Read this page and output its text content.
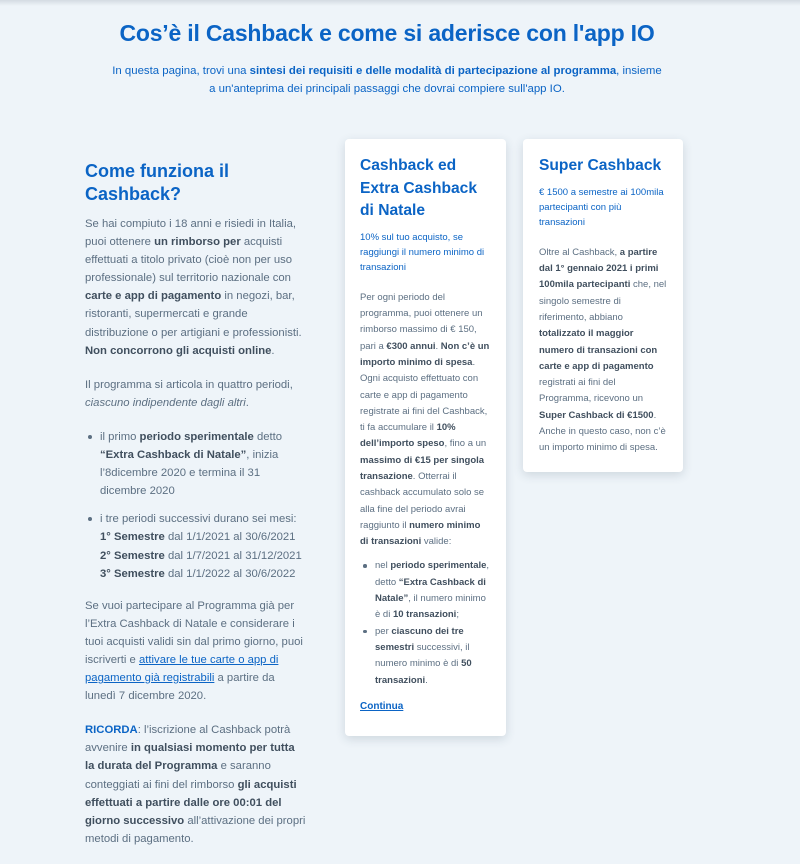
Cos’è il Cashback e come si aderisce con l'app IO

In questa pagina, trovi una sintesi dei requisiti e delle modalità di partecipazione al programma, insieme a un'anteprima dei principali passaggi che dovrai compiere sull'app IO.

Come funziona il Cashback?

Se hai compiuto i 18 anni e risiedi in Italia, puoi ottenere un rimborso per acquisti effettuati a titolo privato (cioè non per uso professionale) sul territorio nazionale con carte e app di pagamento in negozi, bar, ristoranti, supermercati e grande distribuzione o per artigiani e professionisti. Non concorrono gli acquisti online.

Il programma si articola in quattro periodi, ciascuno indipendente dagli altri.

il primo periodo sperimentale detto “Extra Cashback di Natale”, inizia l’8dicembre 2020 e termina il 31 dicembre 2020
i tre periodi successivi durano sei mesi:
1° Semestre dal 1/1/2021 al 30/6/2021
2° Semestre dal 1/7/2021 al 31/12/2021
3° Semestre dal 1/1/2022 al 30/6/2022

Se vuoi partecipare al Programma già per l’Extra Cashback di Natale e considerare i tuoi acquisti validi sin dal primo giorno, puoi iscriverti e attivare le tue carte o app di pagamento già registrabili a partire da lunedì 7 dicembre 2020.

RICORDA: l’iscrizione al Cashback potrà avvenire in qualsiasi momento per tutta la durata del Programma e saranno conteggiati ai fini del rimborso gli acquisti effettuati a partire dalle ore 00:01 del giorno successivo all’attivazione dei propri metodi di pagamento.

Cashback ed Extra Cashback di Natale

10% sul tuo acquisto, se raggiungi il numero minimo di transazioni

Per ogni periodo del programma, puoi ottenere un rimborso massimo di € 150, pari a €300 annui. Non c’è un importo minimo di spesa. Ogni acquisto effettuato con carte e app di pagamento registrate ai fini del Cashback, ti fa accumulare il 10% dell’importo speso, fino a un massimo di €15 per singola transazione. Otterrai il cashback accumulato solo se alla fine del periodo avrai raggiunto il numero minimo di transazioni valide:

nel periodo sperimentale, detto “Extra Cashback di Natale”, il numero minimo è di 10 transazioni;
per ciascuno dei tre semestri successivi, il numero minimo è di 50 transazioni.
Continua
Super Cashback

€ 1500 a semestre ai 100mila partecipanti con più transazioni

Oltre al Cashback, a partire dal 1° gennaio 2021 i primi 100mila partecipanti che, nel singolo semestre di riferimento, abbiano totalizzato il maggior numero di transazioni con carte e app di pagamento registrati ai fini del Programma, ricevono un Super Cashback di €1500. Anche in questo caso, non c’è un importo minimo di spesa.
